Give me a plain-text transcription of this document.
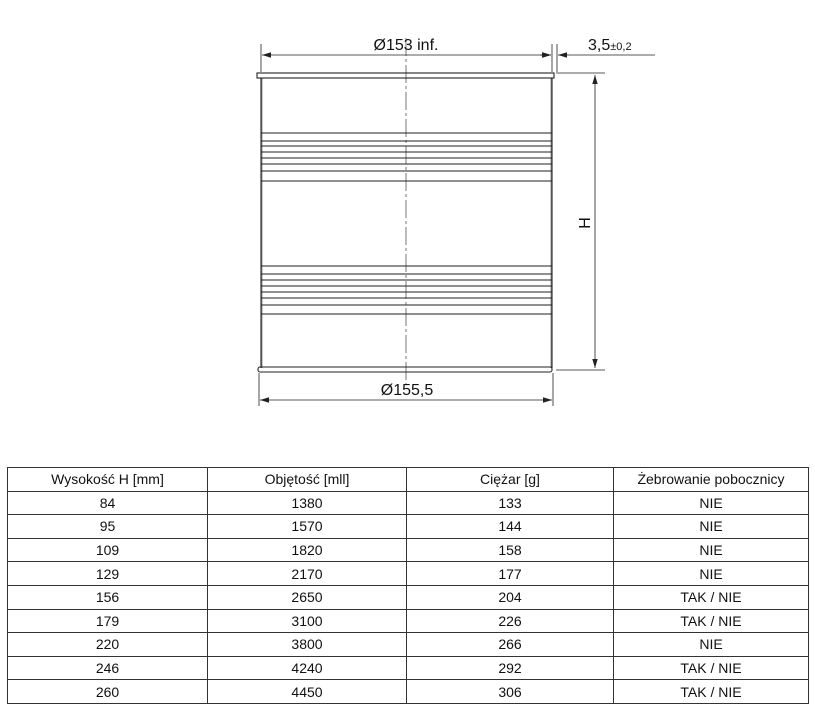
Ø153 inf.	3,5±0,2
H
Ø155,5
Wysokość H [mm]	Objętość [mll]	Ciężar [g]	Żebrowanie pobocznicy
84	1380	133	NIE
95	1570	144	NIE
109	1820	158	NIE
129	2170	177	NIE
156	2650	204	TAK / NIE
179	3100	226	TAK / NIE
220	3800	266	NIE
246	4240	292	TAK / NIE
260	4450	306	TAK / NIE
